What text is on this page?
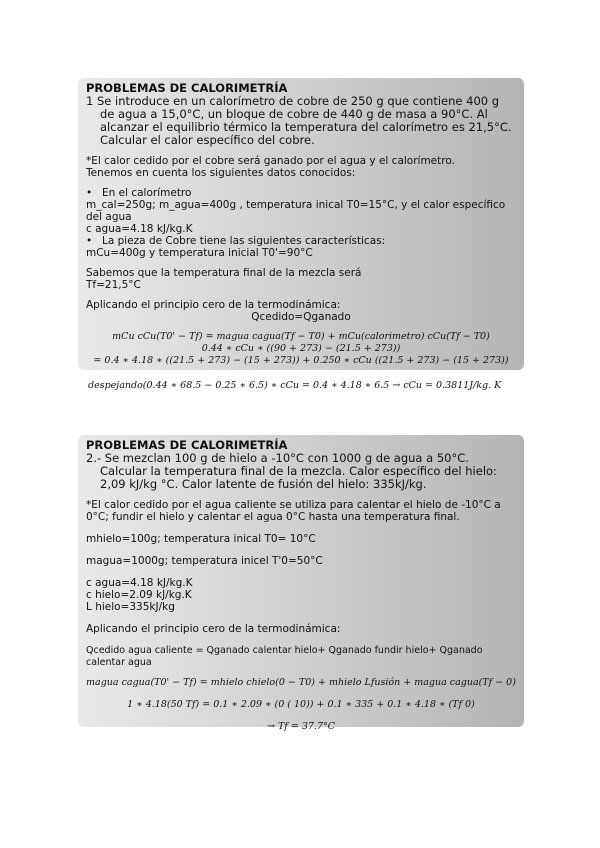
PROBLEMAS DE CALORIMETRÍA
1 Se introduce en un calorímetro de cobre de 250 g que contiene 400 g de agua a 15,0°C, un bloque de cobre de 440 g de masa a 90°C. Al alcanzar el equilibrio térmico la temperatura del calorímetro es 21,5°C. Calcular el calor específico del cobre.

*El calor cedido por el cobre será ganado por el agua y el calorímetro.

Tenemos en cuenta los siguientes datos conocidos:

• En el calorímetro

m_cal=250g; m_agua=400g , temperatura inical T0=15°C, y el calor específico del agua

c agua=4.18 kJ/kg.K

• La pieza de Cobre tiene las siguientes características:

mCu=400g y temperatura inicial T0'=90°C

Sabemos que la temperatura final de la mezcla será

Tf=21,5°C

Aplicando el principio cero de la termodinámica:

Qcedido=Qganado

mCu cCu(T0' − Tf) = magua cagua(Tf − T0) + mCu(calorimetro) cCu(Tf − T0)
0.44 ∗ cCu ∗ ((90 + 273) − (21.5 + 273))
= 0.4 ∗ 4.18 ∗ ((21.5 + 273) − (15 + 273)) + 0.250 ∗ cCu ((21.5 + 273) − (15 + 273))
despejando(0.44 ∗ 68.5 − 0.25 ∗ 6.5) ∗ cCu = 0.4 ∗ 4.18 ∗ 6.5 → cCu = 0.3811J/kg. K
PROBLEMAS DE CALORIMETRÍA
2.- Se mezclan 100 g de hielo a -10°C con 1000 g de agua a 50°C. Calcular la temperatura final de la mezcla. Calor específico del hielo: 2,09 kJ/kg °C. Calor latente de fusión del hielo: 335kJ/kg.

*El calor cedido por el agua caliente se utiliza para calentar el hielo de -10°C a 0°C; fundir el hielo y calentar el agua 0°C hasta una temperatura final.

mhielo=100g; temperatura inical T0= 10°C

magua=1000g; temperatura inicel T'0=50°C

c agua=4.18 kJ/kg.K

c hielo=2.09 kJ/kg.K

L hielo=335kJ/kg

Aplicando el principio cero de la termodinámica:

Qcedido agua caliente = Qganado calentar hielo+ Qganado fundir hielo+ Qganado calentar agua

magua cagua(T0' − Tf) = mhielo chielo(0 − T0) + mhielo Lfusión + magua cagua(Tf − 0)
1 ∗ 4.18(50 Tf) = 0.1 ∗ 2.09 ∗ (0 ( 10)) + 0.1 ∗ 335 + 0.1 ∗ 4.18 ∗ (Tf 0)
→ Tf = 37.7°C
